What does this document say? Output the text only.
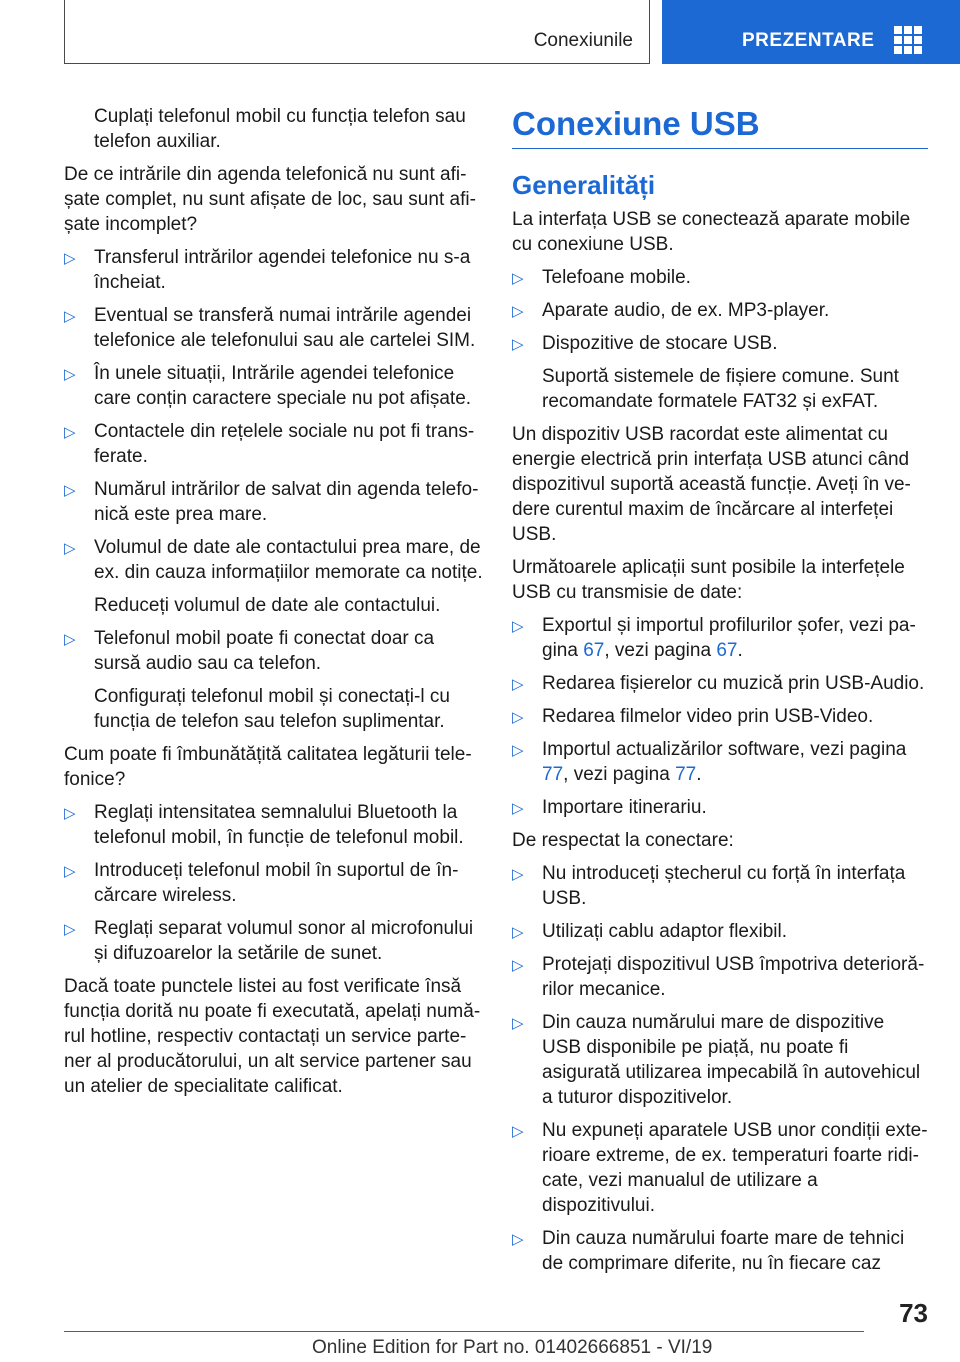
Conexiunile	PREZENTARE

Cuplați telefonul mobil cu funcția telefon sau telefon auxiliar.

De ce intrările din agenda telefonică nu sunt afișate complet, nu sunt afișate de loc, sau sunt afișate incomplet?

▷ Transferul intrărilor agendei telefonice nu s-a încheiat.
▷ Eventual se transferă numai intrările agendei telefonice ale telefonului sau ale cartelei SIM.
▷ În unele situații, Intrările agendei telefonice care conțin caractere speciale nu pot afișate.
▷ Contactele din rețelele sociale nu pot fi transferate.
▷ Numărul intrărilor de salvat din agenda telefonică este prea mare.
▷ Volumul de date ale contactului prea mare, de ex. din cauza informațiilor memorate ca notițe.

Reduceți volumul de date ale contactului.

▷ Telefonul mobil poate fi conectat doar ca sursă audio sau ca telefon.

Configurați telefonul mobil și conectați-l cu funcția de telefon sau telefon suplimentar.

Cum poate fi îmbunătățită calitatea legăturii telefonice?

▷ Reglați intensitatea semnalului Bluetooth la telefonul mobil, în funcție de telefonul mobil.
▷ Introduceți telefonul mobil în suportul de încărcare wireless.
▷ Reglați separat volumul sonor al microfonului și difuzoarelor la setările de sunet.

Dacă toate punctele listei au fost verificate însă funcția dorită nu poate fi executată, apelați numărul hotline, respectiv contactați un service partener al producătorului, un alt service partener sau un atelier de specialitate calificat.

Conexiune USB
Generalități

La interfața USB se conectează aparate mobile cu conexiune USB.

▷ Telefoane mobile.
▷ Aparate audio, de ex. MP3-player.
▷ Dispozitive de stocare USB.

Suportă sistemele de fișiere comune. Sunt recomandate formatele FAT32 și exFAT.

Un dispozitiv USB racordat este alimentat cu energie electrică prin interfața USB atunci când dispozitivul suportă această funcție. Aveți în vedere curentul maxim de încărcare al interfeței USB.

Următoarele aplicații sunt posibile la interfețele USB cu transmisie de date:

▷ Exportul și importul profilurilor șofer, vezi pagina 67, vezi pagina 67.
▷ Redarea fișierelor cu muzică prin USB-Audio.
▷ Redarea filmelor video prin USB-Video.
▷ Importul actualizărilor software, vezi pagina 77, vezi pagina 77.
▷ Importare itinerariu.

De respectat la conectare:

▷ Nu introduceți ștecherul cu forță în interfața USB.
▷ Utilizați cablu adaptor flexibil.
▷ Protejați dispozitivul USB împotriva deteriorărilor mecanice.
▷ Din cauza numărului mare de dispozitive USB disponibile pe piață, nu poate fi asigurată utilizarea impecabilă în autovehicul a tuturor dispozitivelor.
▷ Nu expuneți aparatele USB unor condiții exterioare extreme, de ex. temperaturi foarte ridicate, vezi manualul de utilizare a dispozitivului.
▷ Din cauza numărului foarte mare de tehnici de comprimare diferite, nu în fiecare caz
73
Online Edition for Part no. 01402666851 - VI/19
